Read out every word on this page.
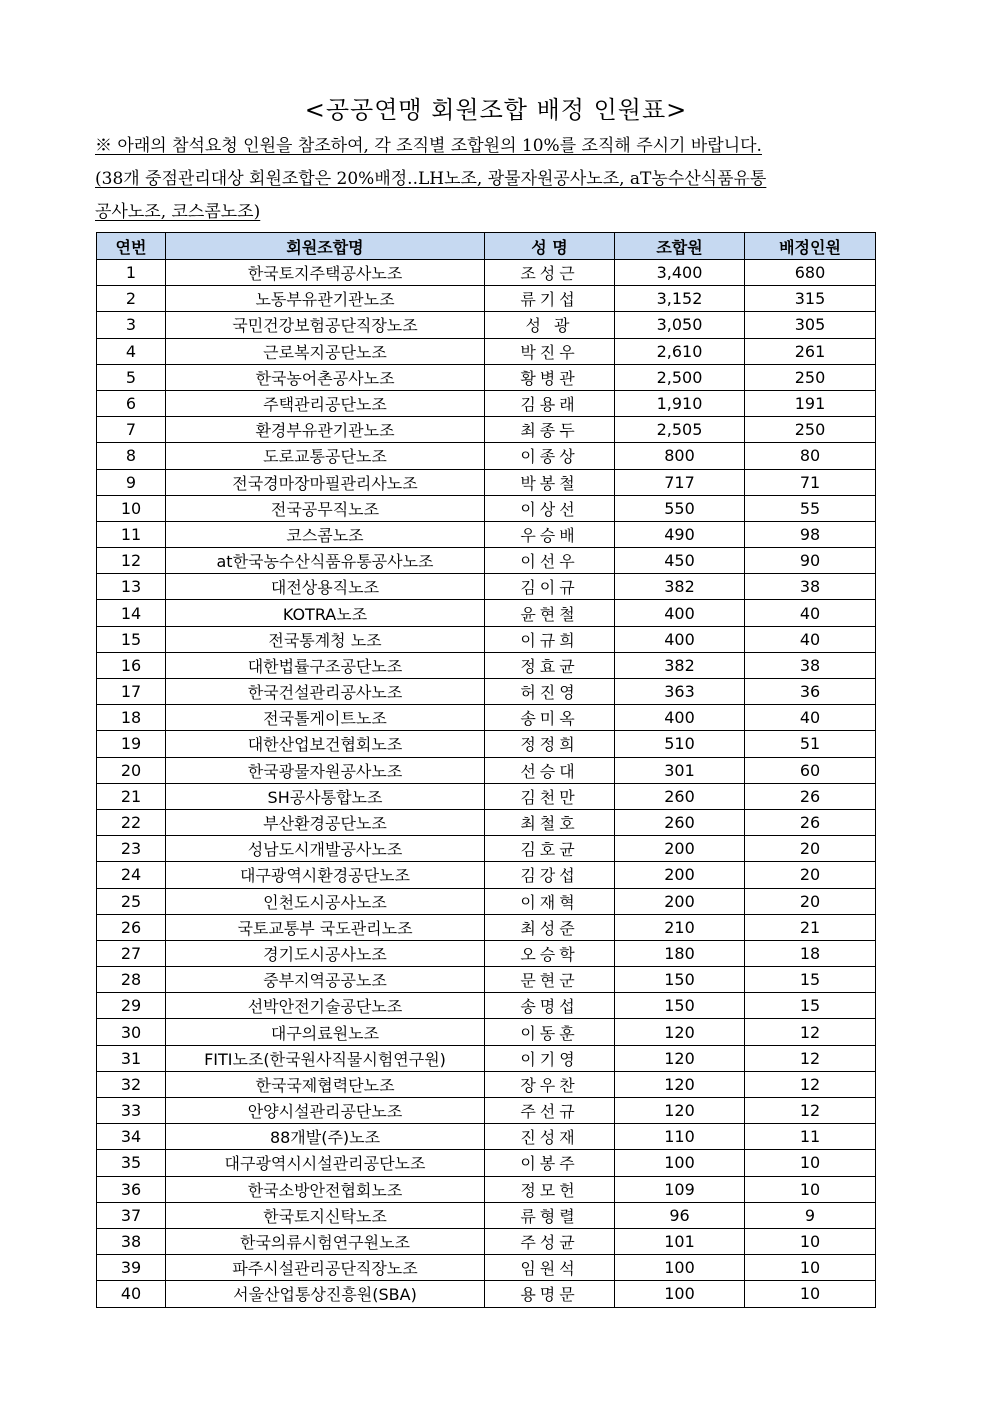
<공공연맹 회원조합 배정 인원표>
※ 아래의 참석요청 인원을 참조하여, 각 조직별 조합원의 10%를 조직해 주시기 바랍니다.
(38개 중점관리대상 회원조합은 20%배정..LH노조, 광물자원공사노조, aT농수산식품유통
공사노조, 코스콤노조)
연번	회원조합명	성 명	조합원	배정인원
1	한국토지주택공사노조	조성근	3,400	680
2	노동부유관기관노조	류기섭	3,152	315
3	국민건강보험공단직장노조	성 광	3,050	305
4	근로복지공단노조	박진우	2,610	261
5	한국농어촌공사노조	황병관	2,500	250
6	주택관리공단노조	김용래	1,910	191
7	환경부유관기관노조	최종두	2,505	250
8	도로교통공단노조	이종상	800	80
9	전국경마장마필관리사노조	박봉철	717	71
10	전국공무직노조	이상선	550	55
11	코스콤노조	우승배	490	98
12	at한국농수산식품유통공사노조	이선우	450	90
13	대전상용직노조	김이규	382	38
14	KOTRA노조	윤현철	400	40
15	전국통계청 노조	이규희	400	40
16	대한법률구조공단노조	정효균	382	38
17	한국건설관리공사노조	허진영	363	36
18	전국톨게이트노조	송미옥	400	40
19	대한산업보건협회노조	정정희	510	51
20	한국광물자원공사노조	선승대	301	60
21	SH공사통합노조	김천만	260	26
22	부산환경공단노조	최철호	260	26
23	성남도시개발공사노조	김호균	200	20
24	대구광역시환경공단노조	김강섭	200	20
25	인천도시공사노조	이재혁	200	20
26	국토교통부 국도관리노조	최성준	210	21
27	경기도시공사노조	오승학	180	18
28	중부지역공공노조	문현군	150	15
29	선박안전기술공단노조	송명섭	150	15
30	대구의료원노조	이동훈	120	12
31	FITI노조(한국원사직물시험연구원)	이기영	120	12
32	한국국제협력단노조	장우찬	120	12
33	안양시설관리공단노조	주선규	120	12
34	88개발(주)노조	진성재	110	11
35	대구광역시시설관리공단노조	이봉주	100	10
36	한국소방안전협회노조	정모헌	109	10
37	한국토지신탁노조	류형렬	96	9
38	한국의류시험연구원노조	주성균	101	10
39	파주시설관리공단직장노조	임원석	100	10
40	서울산업통상진흥원(SBA)	용명문	100	10
